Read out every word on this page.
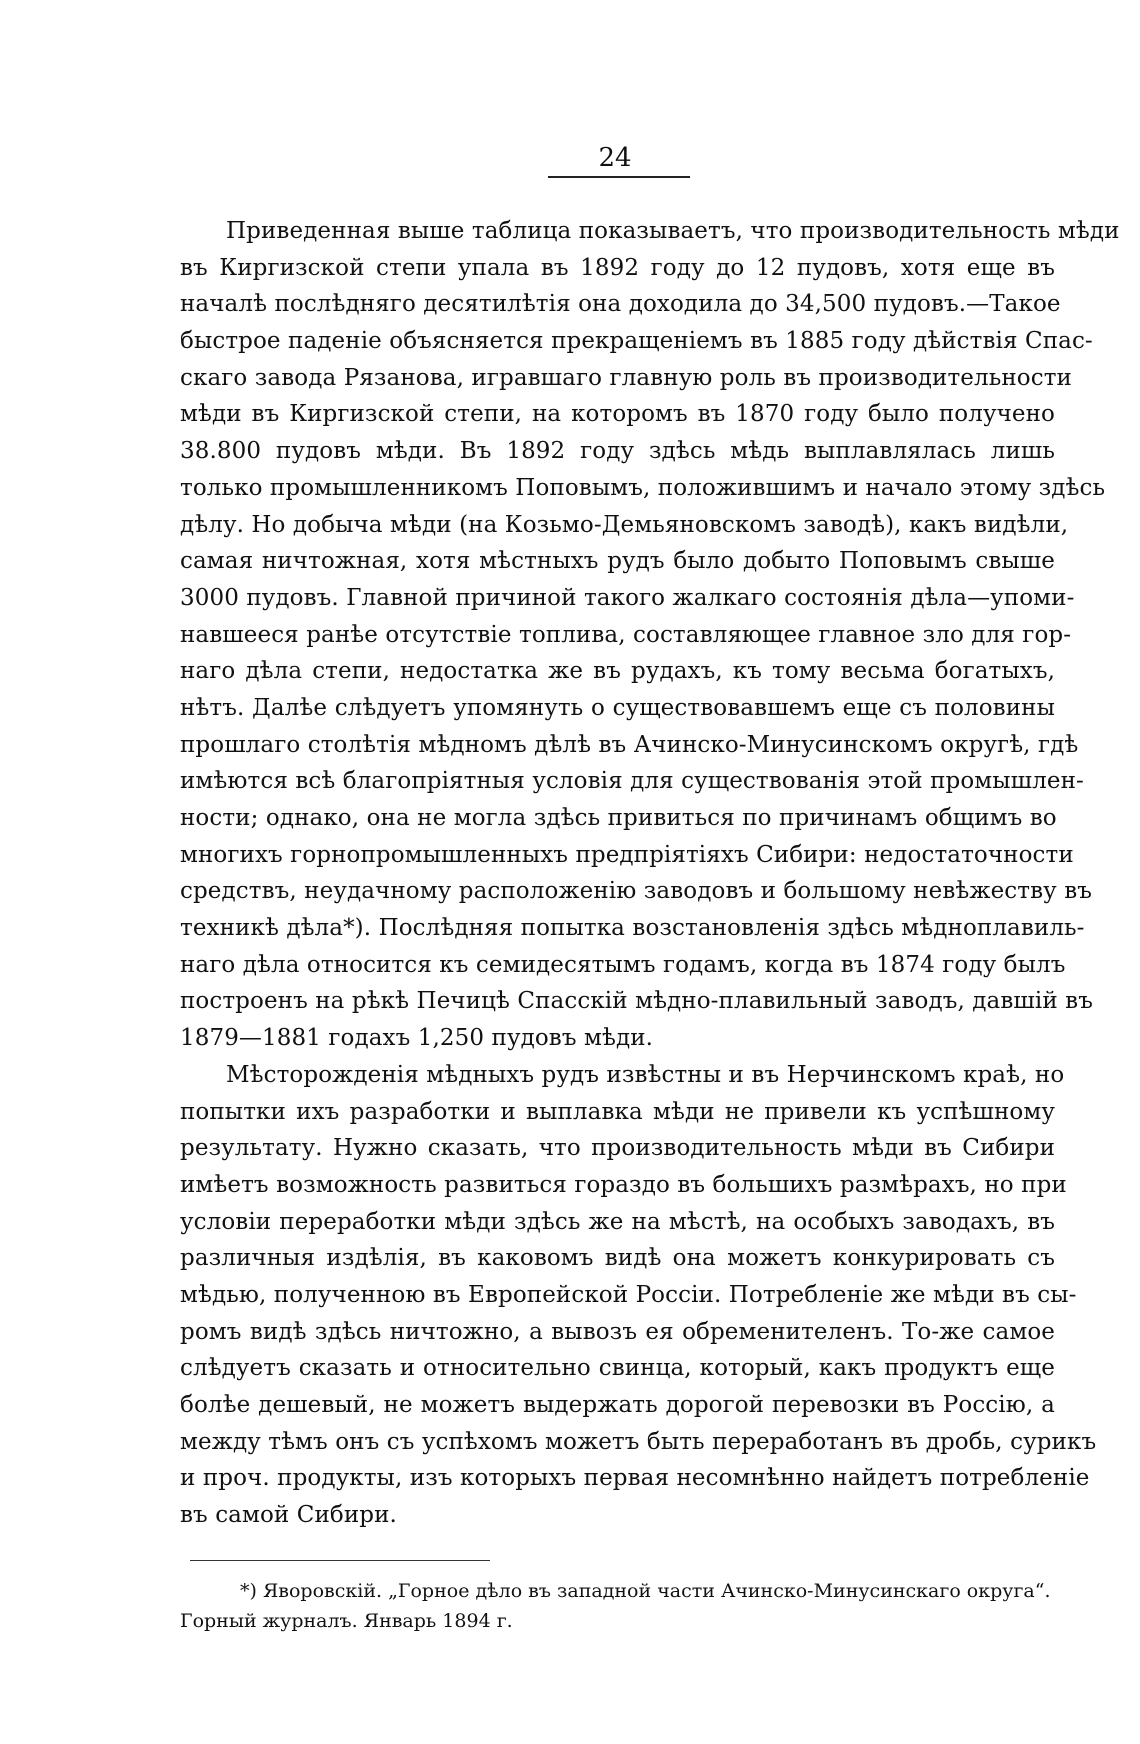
24
Приведенная выше таблица показываетъ, что производительность мѣди
въ Киргизской степи упала въ 1892 году до 12 пудовъ, хотя еще въ
началѣ послѣдняго десятилѣтія она доходила до 34,500 пудовъ.—Такое
быстрое паденіе объясняется прекращеніемъ въ 1885 году дѣйствія Спас-
скаго завода Рязанова, игравшаго главную роль въ производительности
мѣди въ Киргизской степи, на которомъ въ 1870 году было получено
38.800 пудовъ мѣди. Въ 1892 году здѣсь мѣдь выплавлялась лишь
только промышленникомъ Поповымъ, положившимъ и начало этому здѣсь
дѣлу. Но добыча мѣди (на Козьмо-Демьяновскомъ заводѣ), какъ видѣли,
самая ничтожная, хотя мѣстныхъ рудъ было добыто Поповымъ свыше
3000 пудовъ. Главной причиной такого жалкаго состоянія дѣла—упоми-
навшееся ранѣе отсутствіе топлива, составляющее главное зло для гор-
наго дѣла степи, недостатка же въ рудахъ, къ тому весьма богатыхъ,
нѣтъ. Далѣе слѣдуетъ упомянуть о существовавшемъ еще съ половины
прошлаго столѣтія мѣдномъ дѣлѣ въ Ачинско-Минусинскомъ округѣ, гдѣ
имѣются всѣ благопріятныя условія для существованія этой промышлен-
ности; однако, она не могла здѣсь привиться по причинамъ общимъ во
многихъ горнопромышленныхъ предпріятіяхъ Сибири: недостаточности
средствъ, неудачному расположенію заводовъ и большому невѣжеству въ
техникѣ дѣла*). Послѣдняя попытка возстановленія здѣсь мѣдноплавиль-
наго дѣла относится къ семидесятымъ годамъ, когда въ 1874 году былъ
построенъ на рѣкѣ Печицѣ Спасскій мѣдно-плавильный заводъ, давшій въ
1879—1881 годахъ 1,250 пудовъ мѣди.
Мѣсторожденія мѣдныхъ рудъ извѣстны и въ Нерчинскомъ краѣ, но
попытки ихъ разработки и выплавка мѣди не привели къ успѣшному
результату. Нужно сказать, что производительность мѣди въ Сибири
имѣетъ возможность развиться гораздо въ большихъ размѣрахъ, но при
условіи переработки мѣди здѣсь же на мѣстѣ, на особыхъ заводахъ, въ
различныя издѣлія, въ каковомъ видѣ она можетъ конкурировать съ
мѣдью, полученною въ Европейской Россіи. Потребленіе же мѣди въ сы-
ромъ видѣ здѣсь ничтожно, а вывозъ ея обременителенъ. То-же самое
слѣдуетъ сказать и относительно свинца, который, какъ продуктъ еще
болѣе дешевый, не можетъ выдержать дорогой перевозки въ Россію, а
между тѣмъ онъ съ успѣхомъ можетъ быть переработанъ въ дробь, сурикъ
и проч. продукты, изъ которыхъ первая несомнѣнно найдетъ потребленіе
въ самой Сибири.
*) Яворовскій. „Горное дѣло въ западной части Ачинско-Минусинскаго округа“.
Горный журналъ. Январь 1894 г.
